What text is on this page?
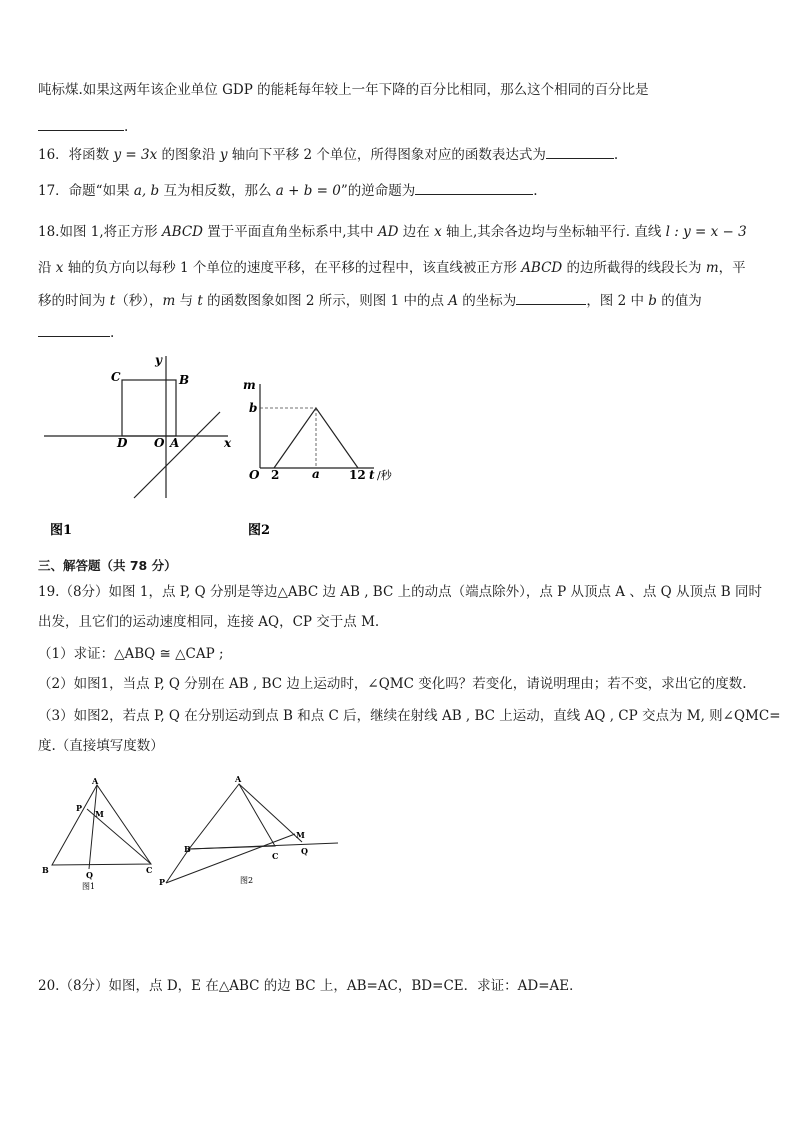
吨标煤.如果这两年该企业单位 GDP 的能耗每年较上一年下降的百分比相同，那么这个相同的百分比是
.
16．将函数 y = 3x 的图象沿 y 轴向下平移 2 个单位，所得图象对应的函数表达式为	.
17．命题“如果 a, b 互为相反数，那么 a + b = 0”的逆命题为	.
18.如图 1,将正方形 ABCD 置于平面直角坐标系中,其中 AD 边在 x 轴上,其余各边均与坐标轴平行. 直线 l : y = x − 3
沿 x 轴的负方向以每秒 1 个单位的速度平移，在平移的过程中，该直线被正方形 ABCD 的边所截得的线段长为 m，平
移的时间为 t（秒），m 与 t 的函数图象如图 2 所示，则图 1 中的点 A 的坐标为	，图 2 中 b 的值为
.
C	B
D O A	x
y
图1
m
b
O 2	a 12 t /秒
图2
三、解答题（共 78 分）
19.（8分）如图 1，点 P, Q 分别是等边△ABC 边 AB , BC 上的动点（端点除外），点 P 从顶点 A 、点 Q 从顶点 B 同时
出发，且它们的运动速度相同，连接 AQ，CP 交于点 M.
（1）求证：△ABQ ≅ △CAP ;
（2）如图1，当点 P, Q 分别在 AB , BC 边上运动时，∠QMC 变化吗？若变化，请说明理由；若不变，求出它的度数.
（3）如图2，若点 P, Q 在分别运动到点 B 和点 C 后，继续在射线 AB , BC 上运动，直线 AQ , CP 交点为 M, 则∠QMC=
度.（直接填写度数）
A
P
M
B	Q	C
图1
A
B
C
M
Q
P	图2
20.（8分）如图，点 D，E 在△ABC 的边 BC 上，AB=AC，BD=CE．求证：AD=AE．
